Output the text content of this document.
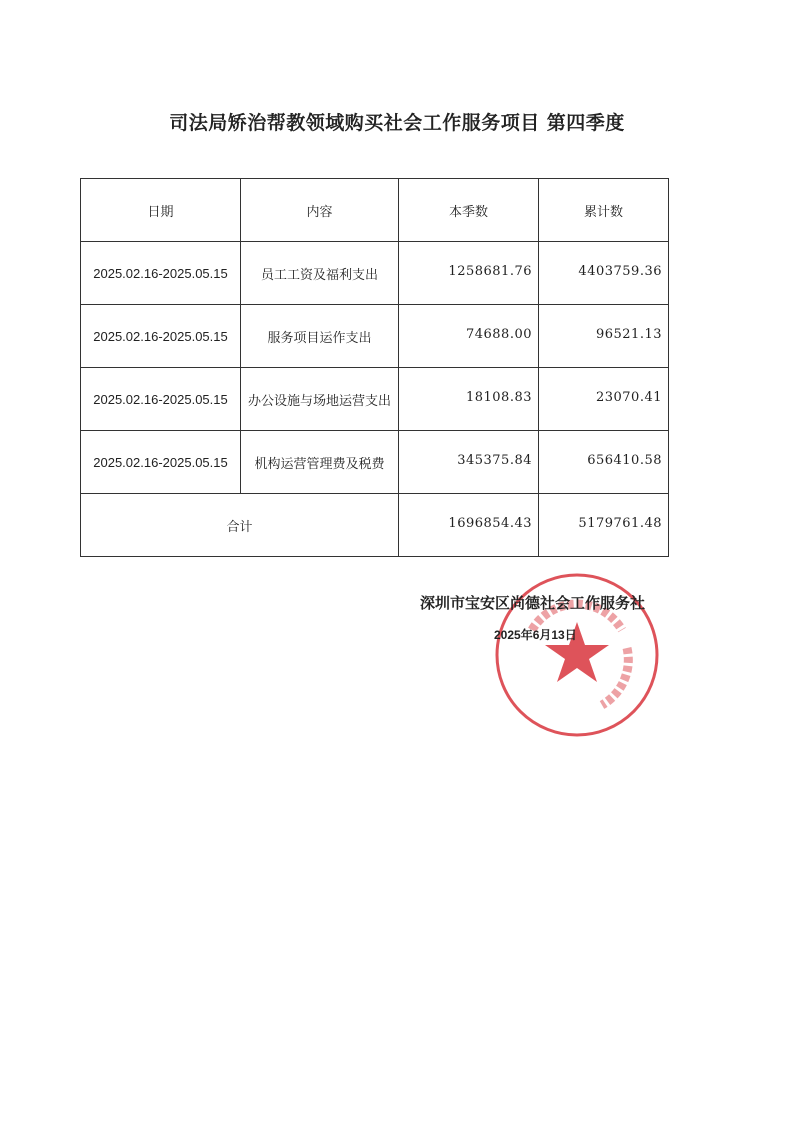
司法局矫治帮教领域购买社会工作服务项目 第四季度
日期	内容	本季数	累计数
2025.02.16-2025.05.15	员工工资及福利支出	1258681.76	4403759.36
2025.02.16-2025.05.15	服务项目运作支出	74688.00	96521.13
2025.02.16-2025.05.15	办公设施与场地运营支出	18108.83	23070.41
2025.02.16-2025.05.15	机构运营管理费及税费	345375.84	656410.58
合计		1696854.43	5179761.48
深圳市宝安区尚德社会工作服务社
2025年6月13日
